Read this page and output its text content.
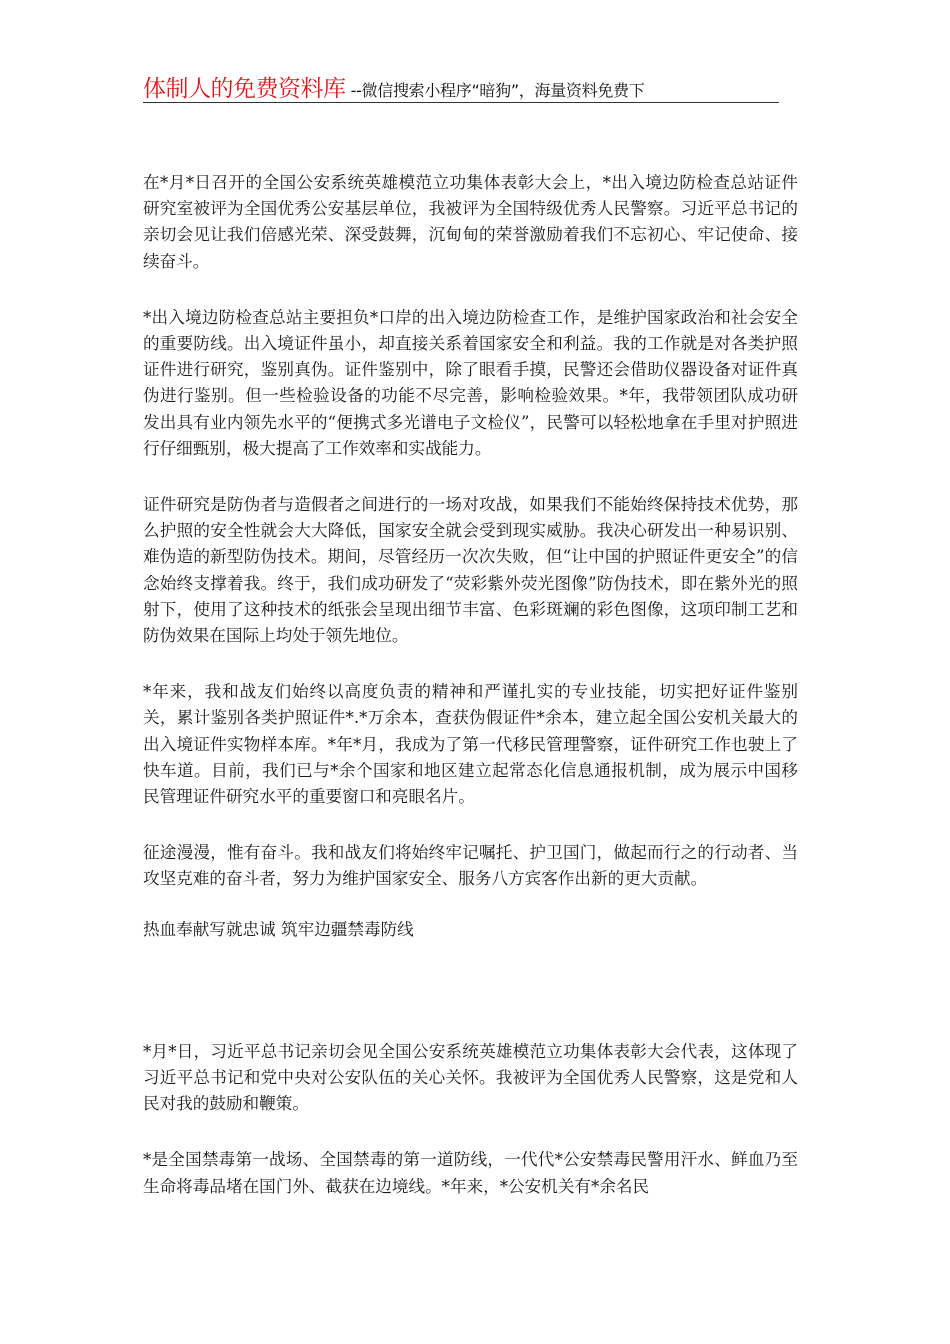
体制人的免费资料库 --微信搜索小程序“暗狗”，海量资料免费下

在*月*日召开的全国公安系统英雄模范立功集体表彰大会上，*出入境边防检查总站证件研究室被评为全国优秀公安基层单位，我被评为全国特级优秀人民警察。习近平总书记的亲切会见让我们倍感光荣、深受鼓舞，沉甸甸的荣誉激励着我们不忘初心、牢记使命、接续奋斗。

*出入境边防检查总站主要担负*口岸的出入境边防检查工作，是维护国家政治和社会安全的重要防线。出入境证件虽小，却直接关系着国家安全和利益。我的工作就是对各类护照证件进行研究，鉴别真伪。证件鉴别中，除了眼看手摸，民警还会借助仪器设备对证件真伪进行鉴别。但一些检验设备的功能不尽完善，影响检验效果。*年，我带领团队成功研发出具有业内领先水平的“便携式多光谱电子文检仪”，民警可以轻松地拿在手里对护照进行仔细甄别，极大提高了工作效率和实战能力。

证件研究是防伪者与造假者之间进行的一场对攻战，如果我们不能始终保持技术优势，那么护照的安全性就会大大降低，国家安全就会受到现实威胁。我决心研发出一种易识别、难伪造的新型防伪技术。期间，尽管经历一次次失败，但“让中国的护照证件更安全”的信念始终支撑着我。终于，我们成功研发了“荧彩紫外荧光图像”防伪技术，即在紫外光的照射下，使用了这种技术的纸张会呈现出细节丰富、色彩斑斓的彩色图像，这项印制工艺和防伪效果在国际上均处于领先地位。

*年来，我和战友们始终以高度负责的精神和严谨扎实的专业技能，切实把好证件鉴别关，累计鉴别各类护照证件*.*万余本，查获伪假证件*余本，建立起全国公安机关最大的出入境证件实物样本库。*年*月，我成为了第一代移民管理警察，证件研究工作也驶上了快车道。目前，我们已与*余个国家和地区建立起常态化信息通报机制，成为展示中国移民管理证件研究水平的重要窗口和亮眼名片。

征途漫漫，惟有奋斗。我和战友们将始终牢记嘱托、护卫国门，做起而行之的行动者、当攻坚克难的奋斗者，努力为维护国家安全、服务八方宾客作出新的更大贡献。

热血奉献写就忠诚 筑牢边疆禁毒防线

*月*日，习近平总书记亲切会见全国公安系统英雄模范立功集体表彰大会代表，这体现了习近平总书记和党中央对公安队伍的关心关怀。我被评为全国优秀人民警察，这是党和人民对我的鼓励和鞭策。

*是全国禁毒第一战场、全国禁毒的第一道防线，一代代*公安禁毒民警用汗水、鲜血乃至生命将毒品堵在国门外、截获在边境线。*年来，*公安机关有*余名民
